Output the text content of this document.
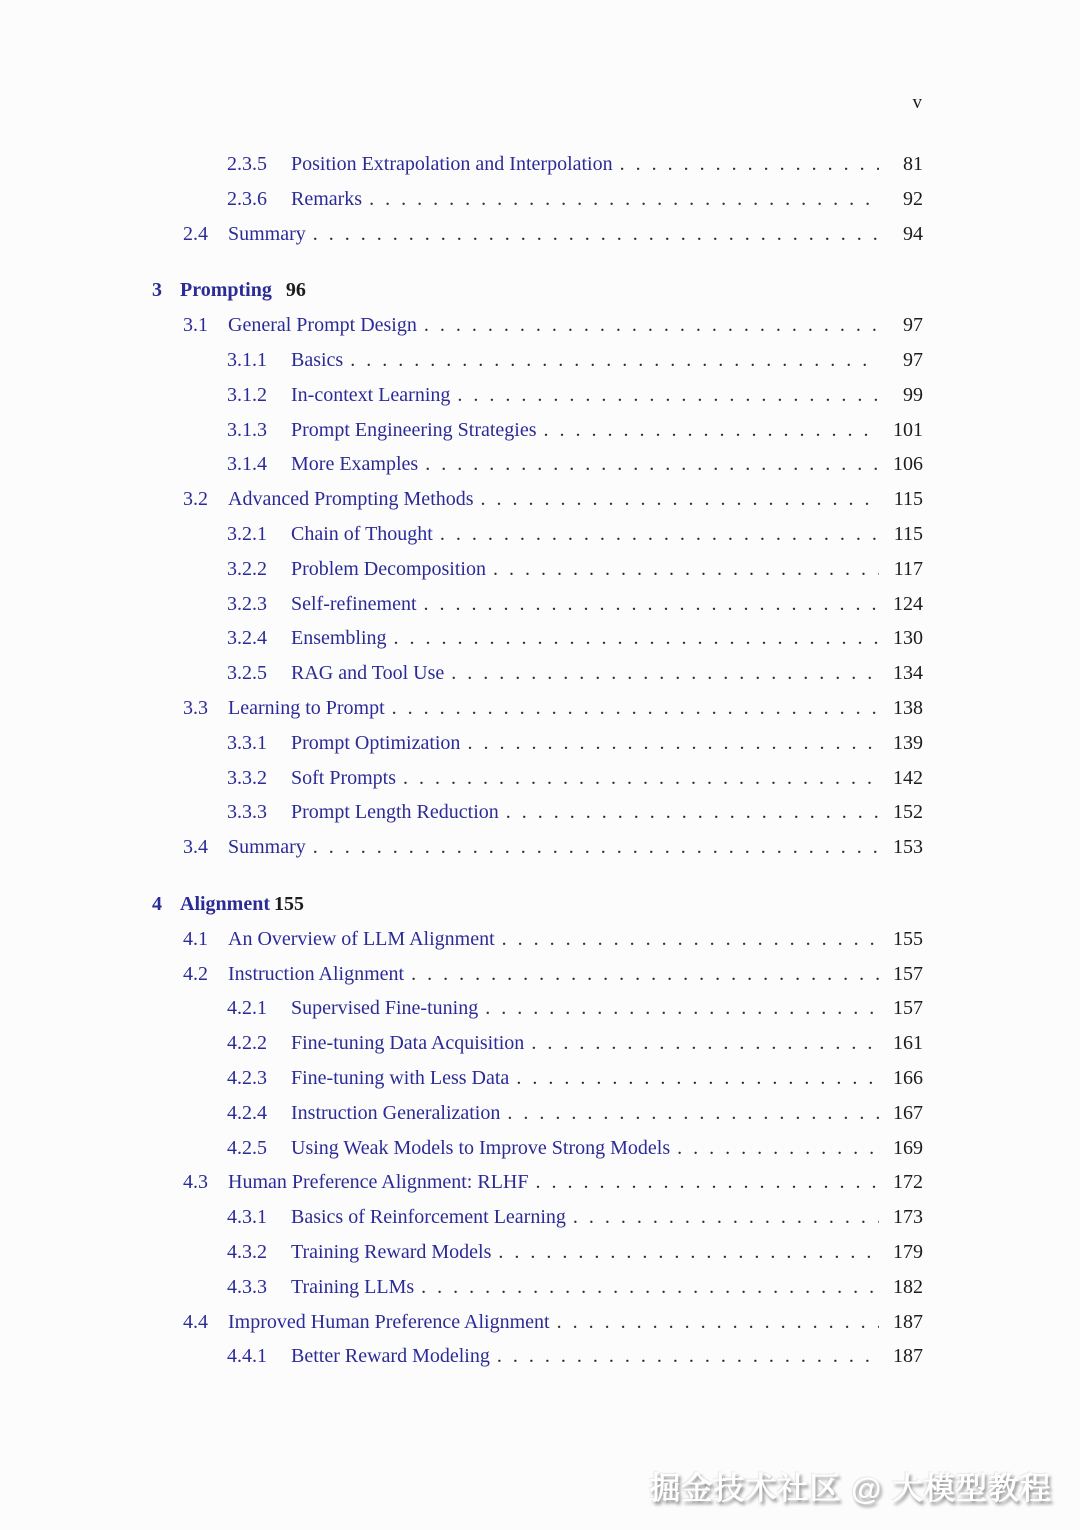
v
2.3.5	Position Extrapolation and Interpolation . . .	81
2.3.6	Remarks . . .	92
2.4	Summary . . .	94
3 Prompting 96
3.1	General Prompt Design . . .	97
3.1.1	Basics . . .	97
3.1.2	In-context Learning . . .	99
3.1.3	Prompt Engineering Strategies . . .	101
3.1.4	More Examples . . .	106
3.2	Advanced Prompting Methods . . .	115
3.2.1	Chain of Thought . . .	115
3.2.2	Problem Decomposition . . .	117
3.2.3	Self-refinement . . .	124
3.2.4	Ensembling . . .	130
3.2.5	RAG and Tool Use . . .	134
3.3	Learning to Prompt . . .	138
3.3.1	Prompt Optimization . . .	139
3.3.2	Soft Prompts . . .	142
3.3.3	Prompt Length Reduction . . .	152
3.4	Summary . . .	153
4 Alignment 155
4.1	An Overview of LLM Alignment . . .	155
4.2	Instruction Alignment . . .	157
4.2.1	Supervised Fine-tuning . . .	157
4.2.2	Fine-tuning Data Acquisition . . .	161
4.2.3	Fine-tuning with Less Data . . .	166
4.2.4	Instruction Generalization . . .	167
4.2.5	Using Weak Models to Improve Strong Models . . .	169
4.3	Human Preference Alignment: RLHF . . .	172
4.3.1	Basics of Reinforcement Learning . . .	173
4.3.2	Training Reward Models . . .	179
4.3.3	Training LLMs . . .	182
4.4	Improved Human Preference Alignment . . .	187
4.4.1	Better Reward Modeling . . .	187
掘金技术社区 @ 大模型教程
